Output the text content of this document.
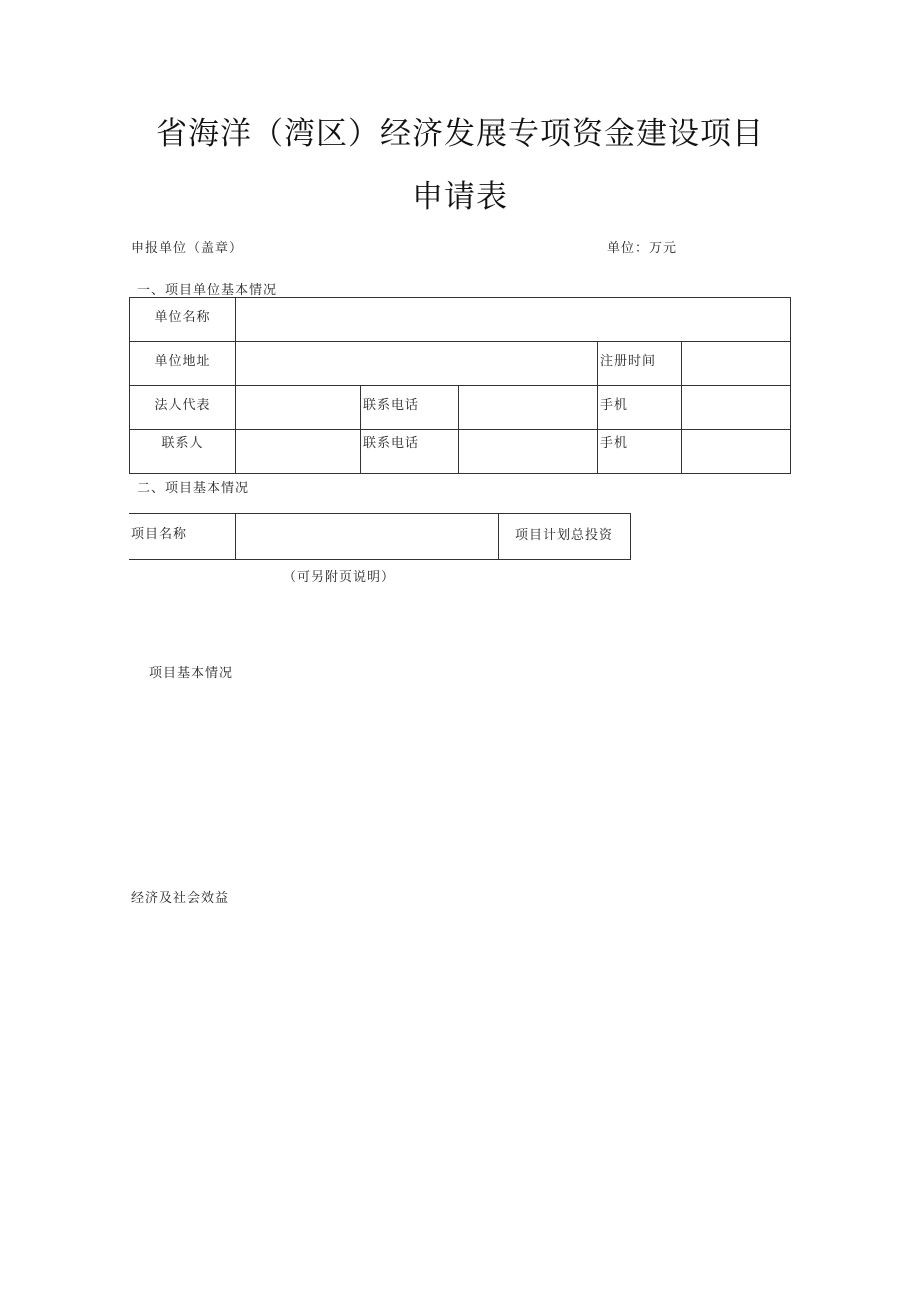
省海洋（湾区）经济发展专项资金建设项目
申请表
申报单位（盖章）	单位：万元
一、项目单位基本情况
单位名称					

单位地址				注册时间	

法人代表		联系电话		手机	

联系人		联系电话		手机	

二、项目基本情况
项目名称		项目计划总投资
（可另附页说明）
项目基本情况
经济及社会效益
